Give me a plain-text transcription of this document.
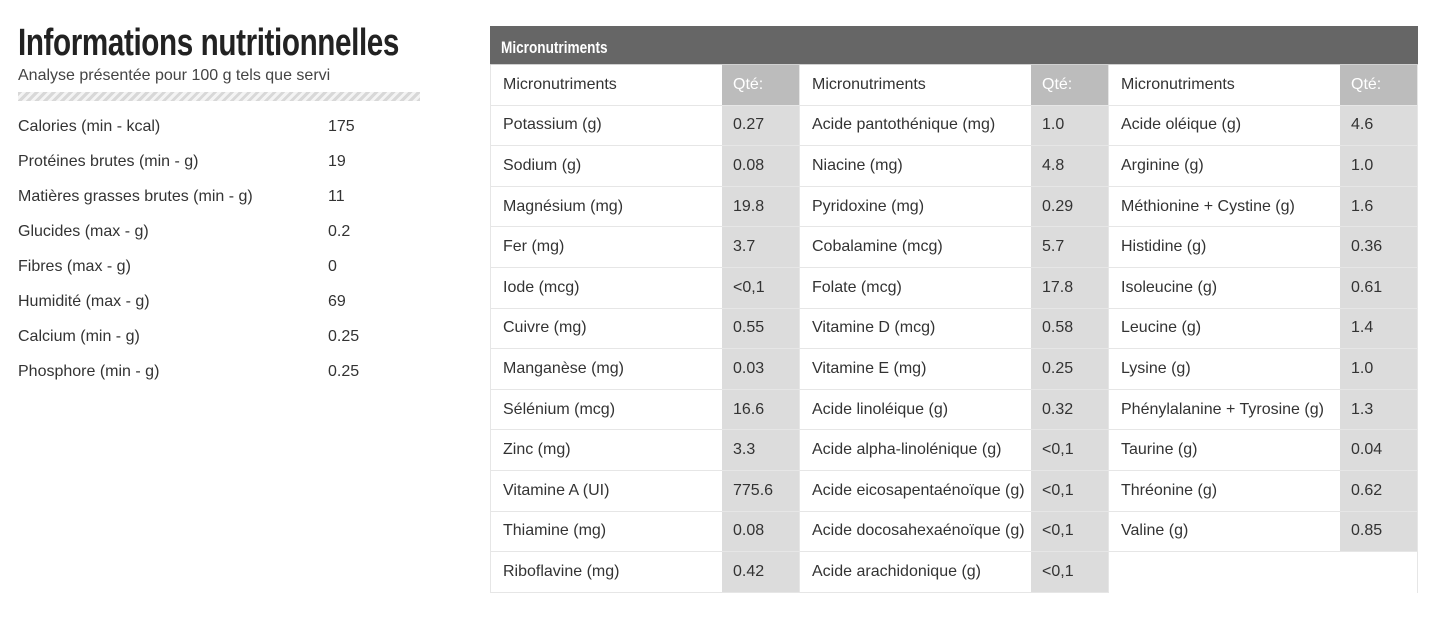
Informations nutritionnelles
Analyse présentée pour 100 g tels que servi
Calories (min - kcal)	175
Protéines brutes (min - g)	19
Matières grasses brutes (min - g)	11
Glucides (max - g)	0.2
Fibres (max - g)	0
Humidité (max - g)	69
Calcium (min - g)	0.25
Phosphore (min - g)	0.25
Micronutriments
Micronutriments	Qté:
Potassium (g)	0.27
Sodium (g)	0.08
Magnésium (mg)	19.8
Fer (mg)	3.7
Iode (mcg)	<0,1
Cuivre (mg)	0.55
Manganèse (mg)	0.03
Sélénium (mcg)	16.6
Zinc (mg)	3.3
Vitamine A (UI)	775.6
Thiamine (mg)	0.08
Riboflavine (mg)	0.42
Micronutriments	Qté:
Acide pantothénique (mg)	1.0
Niacine (mg)	4.8
Pyridoxine (mg)	0.29
Cobalamine (mcg)	5.7
Folate (mcg)	17.8
Vitamine D (mcg)	0.58
Vitamine E (mg)	0.25
Acide linoléique (g)	0.32
Acide alpha-linolénique (g)	<0,1
Acide eicosapentaénoïque (g)	<0,1
Acide docosahexaénoïque (g)	<0,1
Acide arachidonique (g)	<0,1
Micronutriments	Qté:
Acide oléique (g)	4.6
Arginine (g)	1.0
Méthionine + Cystine (g)	1.6
Histidine (g)	0.36
Isoleucine (g)	0.61
Leucine (g)	1.4
Lysine (g)	1.0
Phénylalanine + Tyrosine (g)	1.3
Taurine (g)	0.04
Thréonine (g)	0.62
Valine (g)	0.85
